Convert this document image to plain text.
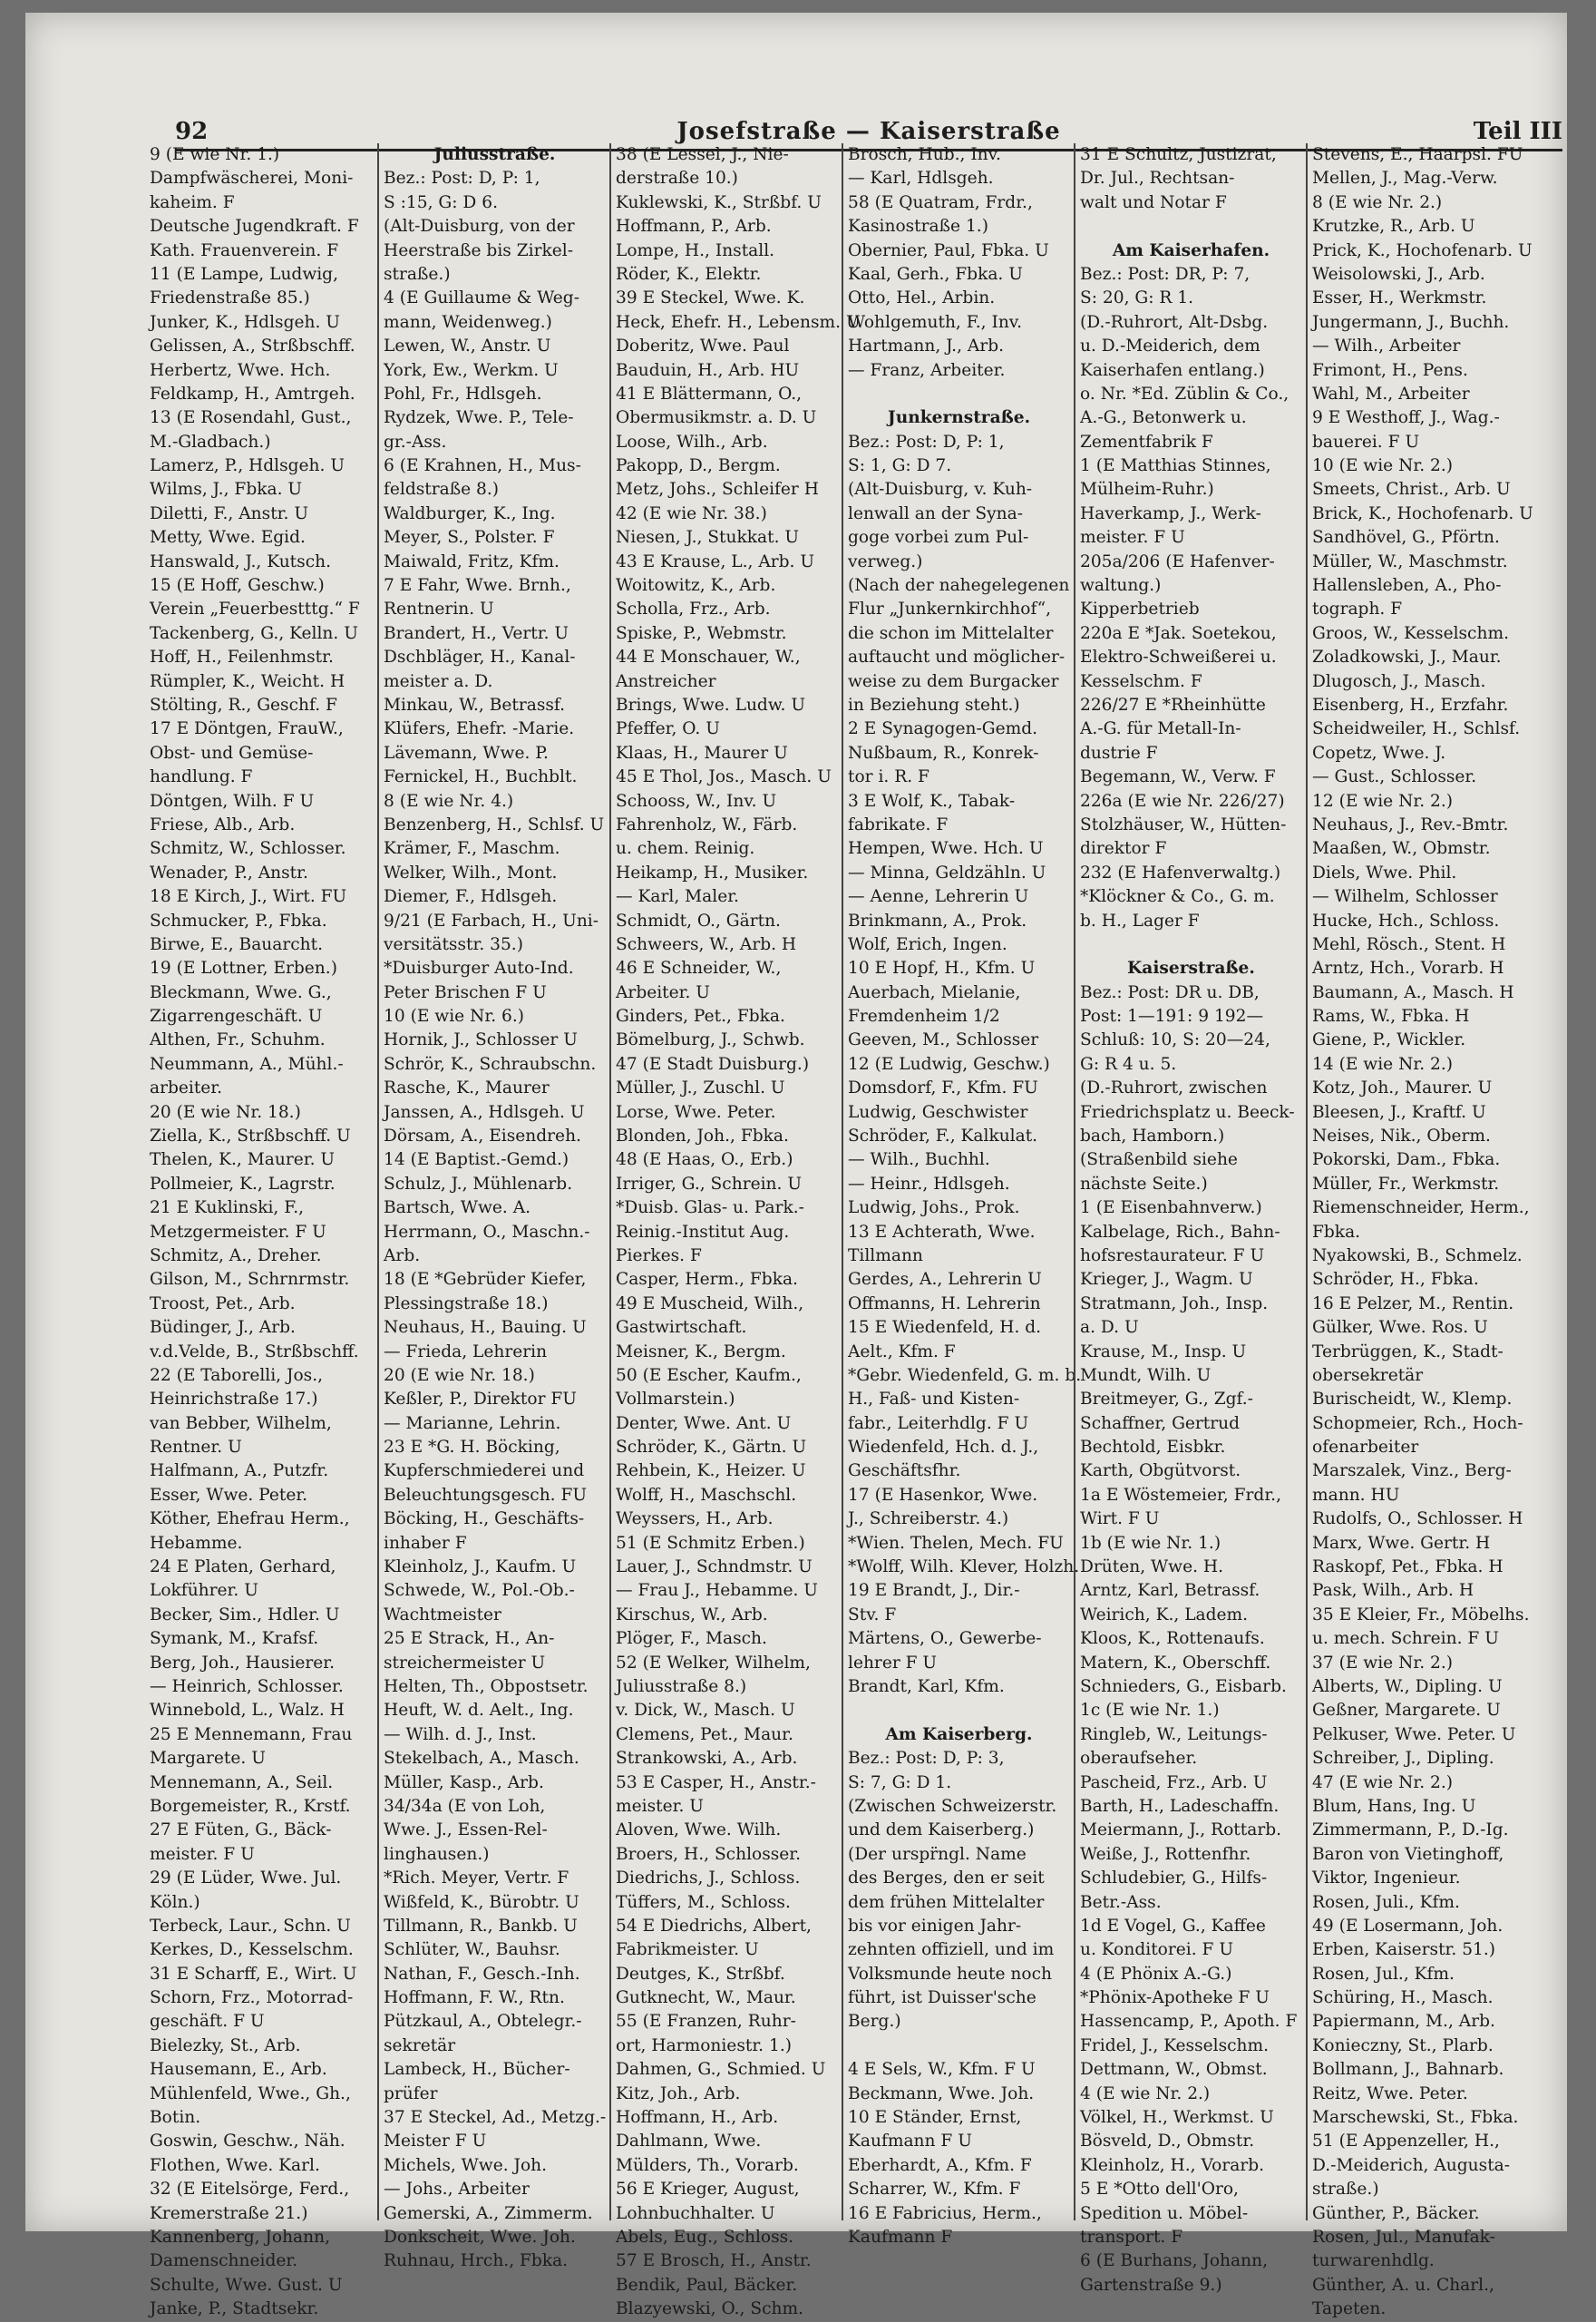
92	Josefstraße — Kaiserstraße	Teil III
9 (E wie Nr. 1.)
Dampfwäscherei, Moni-
kaheim. F
Deutsche Jugendkraft. F
Kath. Frauenverein. F
11 (E Lampe, Ludwig,
Friedenstraße 85.)
Junker, K., Hdlsgeh. U
Gelissen, A., Strßbschff.
Herbertz, Wwe. Hch.
Feldkamp, H., Amtrgeh.
13 (E Rosendahl, Gust.,
M.-Gladbach.)
Lamerz, P., Hdlsgeh. U
Wilms, J., Fbka. U
Diletti, F., Anstr. U
Metty, Wwe. Egid.
Hanswald, J., Kutsch.
15 (E Hoff, Geschw.)
Verein „Feuerbestttg.“ F
Tackenberg, G., Kelln. U
Hoff, H., Feilenhmstr.
Rümpler, K., Weicht. H
Stölting, R., Geschf. F
17 E Döntgen, FrauW.,
Obst- und Gemüse-
handlung. F
Döntgen, Wilh. F U
Friese, Alb., Arb.
Schmitz, W., Schlosser.
Wenader, P., Anstr.
18 E Kirch, J., Wirt. FU
Schmucker, P., Fbka.
Birwe, E., Bauarcht.
19 (E Lottner, Erben.)
Bleckmann, Wwe. G.,
Zigarrengeschäft. U
Althen, Fr., Schuhm.
Neummann, A., Mühl.-
arbeiter.
20 (E wie Nr. 18.)
Ziella, K., Strßbschff. U
Thelen, K., Maurer. U
Pollmeier, K., Lagrstr.
21 E Kuklinski, F.,
Metzgermeister. F U
Schmitz, A., Dreher.
Gilson, M., Schrnrmstr.
Troost, Pet., Arb.
Büdinger, J., Arb.
v.d.Velde, B., Strßbschff.
22 (E Taborelli, Jos.,
Heinrichstraße 17.)
van Bebber, Wilhelm,
Rentner. U
Halfmann, A., Putzfr.
Esser, Wwe. Peter.
Köther, Ehefrau Herm.,
Hebamme.
24 E Platen, Gerhard,
Lokführer. U
Becker, Sim., Hdler. U
Symank, M., Krafsf.
Berg, Joh., Hausierer.
— Heinrich, Schlosser.
Winnebold, L., Walz. H
25 E Mennemann, Frau
Margarete. U
Mennemann, A., Seil.
Borgemeister, R., Krstf.
27 E Füten, G., Bäck-
meister. F U
29 (E Lüder, Wwe. Jul.
Köln.)
Terbeck, Laur., Schn. U
Kerkes, D., Kesselschm.
31 E Scharff, E., Wirt. U
Schorn, Frz., Motorrad-
geschäft. F U
Bielezky, St., Arb.
Hausemann, E., Arb.
Mühlenfeld, Wwe., Gh.,
Botin.
Goswin, Geschw., Näh.
Flothen, Wwe. Karl.
32 (E Eitelsörge, Ferd.,
Kremerstraße 21.)
Kannenberg, Johann,
Damenschneider.
Schulte, Wwe. Gust. U
Janke, P., Stadtsekr.
Juliusstraße.
Bez.: Post: D, P: 1,
S :15, G: D 6.
(Alt-Duisburg, von der
Heerstraße bis Zirkel-
straße.)
4 (E Guillaume & Weg-
mann, Weidenweg.)
Lewen, W., Anstr. U
York, Ew., Werkm. U
Pohl, Fr., Hdlsgeh.
Rydzek, Wwe. P., Tele-
gr.-Ass.
6 (E Krahnen, H., Mus-
feldstraße 8.)
Waldburger, K., Ing.
Meyer, S., Polster. F
Maiwald, Fritz, Kfm.
7 E Fahr, Wwe. Brnh.,
Rentnerin. U
Brandert, H., Vertr. U
Dschbläger, H., Kanal-
meister a. D.
Minkau, W., Betrassf.
Klüfers, Ehefr. -Marie.
Lävemann, Wwe. P.
Fernickel, H., Buchblt.
8 (E wie Nr. 4.)
Benzenberg, H., Schlsf. U
Krämer, F., Maschm.
Welker, Wilh., Mont.
Diemer, F., Hdlsgeh.
9/21 (E Farbach, H., Uni-
versitätsstr. 35.)
*Duisburger Auto-Ind.
Peter Brischen F U
10 (E wie Nr. 6.)
Hornik, J., Schlosser U
Schrör, K., Schraubschn.
Rasche, K., Maurer
Janssen, A., Hdlsgeh. U
Dörsam, A., Eisendreh.
14 (E Baptist.-Gemd.)
Schulz, J., Mühlenarb.
Bartsch, Wwe. A.
Herrmann, O., Maschn.-
Arb.
18 (E *Gebrüder Kiefer,
Plessingstraße 18.)
Neuhaus, H., Bauing. U
— Frieda, Lehrerin
20 (E wie Nr. 18.)
Keßler, P., Direktor FU
— Marianne, Lehrin.
23 E *G. H. Böcking,
Kupferschmiederei und
Beleuchtungsgesch. FU
Böcking, H., Geschäfts-
inhaber F
Kleinholz, J., Kaufm. U
Schwede, W., Pol.-Ob.-
Wachtmeister
25 E Strack, H., An-
streichermeister U
Helten, Th., Obpostsetr.
Heuft, W. d. Aelt., Ing.
— Wilh. d. J., Inst.
Stekelbach, A., Masch.
Müller, Kasp., Arb.
34/34a (E von Loh,
Wwe. J., Essen-Rel-
linghausen.)
*Rich. Meyer, Vertr. F
Wißfeld, K., Bürobtr. U
Tillmann, R., Bankb. U
Schlüter, W., Bauhsr.
Nathan, F., Gesch.-Inh.
Hoffmann, F. W., Rtn.
Pützkaul, A., Obtelegr.-
sekretär
Lambeck, H., Bücher-
prüfer
37 E Steckel, Ad., Metzg.-
Meister F U
Michels, Wwe. Joh.
— Johs., Arbeiter
Gemerski, A., Zimmerm.
Donkscheit, Wwe. Joh.
Ruhnau, Hrch., Fbka.
38 (E Lessel, J., Nie-
derstraße 10.)
Kuklewski, K., Strßbf. U
Hoffmann, P., Arb.
Lompe, H., Install.
Röder, K., Elektr.
39 E Steckel, Wwe. K.
Heck, Ehefr. H., Lebensm. U
Doberitz, Wwe. Paul
Bauduin, H., Arb. HU
41 E Blättermann, O.,
Obermusikmstr. a. D. U
Loose, Wilh., Arb.
Pakopp, D., Bergm.
Metz, Johs., Schleifer H
42 (E wie Nr. 38.)
Niesen, J., Stukkat. U
43 E Krause, L., Arb. U
Woitowitz, K., Arb.
Scholla, Frz., Arb.
Spiske, P., Webmstr.
44 E Monschauer, W.,
Anstreicher
Brings, Wwe. Ludw. U
Pfeffer, O. U
Klaas, H., Maurer U
45 E Thol, Jos., Masch. U
Schooss, W., Inv. U
Fahrenholz, W., Färb.
u. chem. Reinig.
Heikamp, H., Musiker.
— Karl, Maler.
Schmidt, O., Gärtn.
Schweers, W., Arb. H
46 E Schneider, W.,
Arbeiter. U
Ginders, Pet., Fbka.
Bömelburg, J., Schwb.
47 (E Stadt Duisburg.)
Müller, J., Zuschl. U
Lorse, Wwe. Peter.
Blonden, Joh., Fbka.
48 (E Haas, O., Erb.)
Irriger, G., Schrein. U
*Duisb. Glas- u. Park.-
Reinig.-Institut Aug.
Pierkes. F
Casper, Herm., Fbka.
49 E Muscheid, Wilh.,
Gastwirtschaft.
Meisner, K., Bergm.
50 (E Escher, Kaufm.,
Vollmarstein.)
Denter, Wwe. Ant. U
Schröder, K., Gärtn. U
Rehbein, K., Heizer. U
Wolff, H., Maschschl.
Weyssers, H., Arb.
51 (E Schmitz Erben.)
Lauer, J., Schndmstr. U
— Frau J., Hebamme. U
Kirschus, W., Arb.
Plöger, F., Masch.
52 (E Welker, Wilhelm,
Juliusstraße 8.)
v. Dick, W., Masch. U
Clemens, Pet., Maur.
Strankowski, A., Arb.
53 E Casper, H., Anstr.-
meister. U
Aloven, Wwe. Wilh.
Broers, H., Schlosser.
Diedrichs, J., Schloss.
Tüffers, M., Schloss.
54 E Diedrichs, Albert,
Fabrikmeister. U
Deutges, K., Strßbf.
Gutknecht, W., Maur.
55 (E Franzen, Ruhr-
ort, Harmoniestr. 1.)
Dahmen, G., Schmied. U
Kitz, Joh., Arb.
Hoffmann, H., Arb.
Dahlmann, Wwe.
Mülders, Th., Vorarb.
56 E Krieger, August,
Lohnbuchhalter. U
Abels, Eug., Schloss.
57 E Brosch, H., Anstr.
Bendik, Paul, Bäcker.
Blazyewski, O., Schm.
Brosch, Hub., Inv.
— Karl, Hdlsgeh.
58 (E Quatram, Frdr.,
Kasinostraße 1.)
Obernier, Paul, Fbka. U
Kaal, Gerh., Fbka. U
Otto, Hel., Arbin.
Wohlgemuth, F., Inv.
Hartmann, J., Arb.
— Franz, Arbeiter.
Junkernstraße.
Bez.: Post: D, P: 1,
S: 1, G: D 7.
(Alt-Duisburg, v. Kuh-
lenwall an der Syna-
goge vorbei zum Pul-
verweg.)
(Nach der nahegelegenen
Flur „Junkernkirchhof“,
die schon im Mittelalter
auftaucht und möglicher-
weise zu dem Burgacker
in Beziehung steht.)
2 E Synagogen-Gemd.
Nußbaum, R., Konrek-
tor i. R. F
3 E Wolf, K., Tabak-
fabrikate. F
Hempen, Wwe. Hch. U
— Minna, Geldzähln. U
— Aenne, Lehrerin U
Brinkmann, A., Prok.
Wolf, Erich, Ingen.
10 E Hopf, H., Kfm. U
Auerbach, Mielanie,
Fremdenheim 1/2
Geeven, M., Schlosser
12 (E Ludwig, Geschw.)
Domsdorf, F., Kfm. FU
Ludwig, Geschwister
Schröder, F., Kalkulat.
— Wilh., Buchhl.
— Heinr., Hdlsgeh.
Ludwig, Johs., Prok.
13 E Achterath, Wwe.
Tillmann
Gerdes, A., Lehrerin U
Offmanns, H. Lehrerin
15 E Wiedenfeld, H. d.
Aelt., Kfm. F
*Gebr. Wiedenfeld, G. m. b.
H., Faß- und Kisten-
fabr., Leiterhdlg. F U
Wiedenfeld, Hch. d. J.,
Geschäftsfhr.
17 (E Hasenkor, Wwe.
J., Schreiberstr. 4.)
*Wien. Thelen, Mech. FU
*Wolff, Wilh. Klever, Holzh.
19 E Brandt, J., Dir.-
Stv. F
Märtens, O., Gewerbe-
lehrer F U
Brandt, Karl, Kfm.
Am Kaiserberg.
Bez.: Post: D, P: 3,
S: 7, G: D 1.
(Zwischen Schweizerstr.
und dem Kaiserberg.)
(Der urspr̈ngl. Name
des Berges, den er seit
dem frühen Mittelalter
bis vor einigen Jahr-
zehnten offiziell, und im
Volksmunde heute noch
führt, ist Duisser'sche
Berg.)
4 E Sels, W., Kfm. F U
Beckmann, Wwe. Joh.
10 E Ständer, Ernst,
Kaufmann F U
Eberhardt, A., Kfm. F
Scharrer, W., Kfm. F
16 E Fabricius, Herm.,
Kaufmann F
31 E Schultz, Justizrat,
Dr. Jul., Rechtsan-
walt und Notar F
Am Kaiserhafen.
Bez.: Post: DR, P: 7,
S: 20, G: R 1.
(D.-Ruhrort, Alt-Dsbg.
u. D.-Meiderich, dem
Kaiserhafen entlang.)
o. Nr. *Ed. Züblin & Co.,
A.-G., Betonwerk u.
Zementfabrik F
1 (E Matthias Stinnes,
Mülheim-Ruhr.)
Haverkamp, J., Werk-
meister. F U
205a/206 (E Hafenver-
waltung.)
Kipperbetrieb
220a E *Jak. Soetekou,
Elektro-Schweißerei u.
Kesselschm. F
226/27 E *Rheinhütte
A.-G. für Metall-In-
dustrie F
Begemann, W., Verw. F
226a (E wie Nr. 226/27)
Stolzhäuser, W., Hütten-
direktor F
232 (E Hafenverwaltg.)
*Klöckner & Co., G. m.
b. H., Lager F
Kaiserstraße.
Bez.: Post: DR u. DB,
Post: 1—191: 9 192—
Schluß: 10, S: 20—24,
G: R 4 u. 5.
(D.-Ruhrort, zwischen
Friedrichsplatz u. Beeck-
bach, Hamborn.)
(Straßenbild siehe
nächste Seite.)
1 (E Eisenbahnverw.)
Kalbelage, Rich., Bahn-
hofsrestaurateur. F U
Krieger, J., Wagm. U
Stratmann, Joh., Insp.
a. D. U
Krause, M., Insp. U
Mundt, Wilh. U
Breitmeyer, G., Zgf.-
Schaffner, Gertrud
Bechtold, Eisbkr.
Karth, Obgütvorst.
1a E Wöstemeier, Frdr.,
Wirt. F U
1b (E wie Nr. 1.)
Drüten, Wwe. H.
Arntz, Karl, Betrassf.
Weirich, K., Ladem.
Kloos, K., Rottenaufs.
Matern, K., Oberschff.
Schnieders, G., Eisbarb.
1c (E wie Nr. 1.)
Ringleb, W., Leitungs-
oberaufseher.
Pascheid, Frz., Arb. U
Barth, H., Ladeschaffn.
Meiermann, J., Rottarb.
Weiße, J., Rottenfhr.
Schludebier, G., Hilfs-
Betr.-Ass.
1d E Vogel, G., Kaffee
u. Konditorei. F U
4 (E Phönix A.-G.)
*Phönix-Apotheke F U
Hassencamp, P., Apoth. F
Fridel, J., Kesselschm.
Dettmann, W., Obmst.
4 (E wie Nr. 2.)
Völkel, H., Werkmst. U
Bösveld, D., Obmstr.
Kleinholz, H., Vorarb.
5 E *Otto dell'Oro,
Spedition u. Möbel-
transport. F
6 (E Burhans, Johann,
Gartenstraße 9.)
Stevens, E., Haarpsl. FU
Mellen, J., Mag.-Verw.
8 (E wie Nr. 2.)
Krutzke, R., Arb. U
Prick, K., Hochofenarb. U
Weisolowski, J., Arb.
Esser, H., Werkmstr.
Jungermann, J., Buchh.
— Wilh., Arbeiter
Frimont, H., Pens.
Wahl, M., Arbeiter
9 E Westhoff, J., Wag.-
bauerei. F U
10 (E wie Nr. 2.)
Smeets, Christ., Arb. U
Brick, K., Hochofenarb. U
Sandhövel, G., Pförtn.
Müller, W., Maschmstr.
Hallensleben, A., Pho-
tograph. F
Groos, W., Kesselschm.
Zoladkowski, J., Maur.
Dlugosch, J., Masch.
Eisenberg, H., Erzfahr.
Scheidweiler, H., Schlsf.
Copetz, Wwe. J.
— Gust., Schlosser.
12 (E wie Nr. 2.)
Neuhaus, J., Rev.-Bmtr.
Maaßen, W., Obmstr.
Diels, Wwe. Phil.
— Wilhelm, Schlosser
Hucke, Hch., Schloss.
Mehl, Rösch., Stent. H
Arntz, Hch., Vorarb. H
Baumann, A., Masch. H
Rams, W., Fbka. H
Giene, P., Wickler.
14 (E wie Nr. 2.)
Kotz, Joh., Maurer. U
Bleesen, J., Kraftf. U
Neises, Nik., Oberm.
Pokorski, Dam., Fbka.
Müller, Fr., Werkmstr.
Riemenschneider, Herm.,
Fbka.
Nyakowski, B., Schmelz.
Schröder, H., Fbka.
16 E Pelzer, M., Rentin.
Gülker, Wwe. Ros. U
Terbrüggen, K., Stadt-
obersekretär
Burischeidt, W., Klemp.
Schopmeier, Rch., Hoch-
ofenarbeiter
Marszalek, Vinz., Berg-
mann. HU
Rudolfs, O., Schlosser. H
Marx, Wwe. Gertr. H
Raskopf, Pet., Fbka. H
Pask, Wilh., Arb. H
35 E Kleier, Fr., Möbelhs.
u. mech. Schrein. F U
37 (E wie Nr. 2.)
Alberts, W., Dipling. U
Geßner, Margarete. U
Pelkuser, Wwe. Peter. U
Schreiber, J., Dipling.
47 (E wie Nr. 2.)
Blum, Hans, Ing. U
Zimmermann, P., D.-Ig.
Baron von Vietinghoff,
Viktor, Ingenieur.
Rosen, Juli., Kfm.
49 (E Losermann, Joh.
Erben, Kaiserstr. 51.)
Rosen, Jul., Kfm.
Schüring, H., Masch.
Papiermann, M., Arb.
Konieczny, St., Plarb.
Bollmann, J., Bahnarb.
Reitz, Wwe. Peter.
Marschewski, St., Fbka.
51 (E Appenzeller, H.,
D.-Meiderich, Augusta-
straße.)
Günther, P., Bäcker.
Rosen, Jul., Manufak-
turwarenhdlg.
Günther, A. u. Charl.,
Tapeten.
